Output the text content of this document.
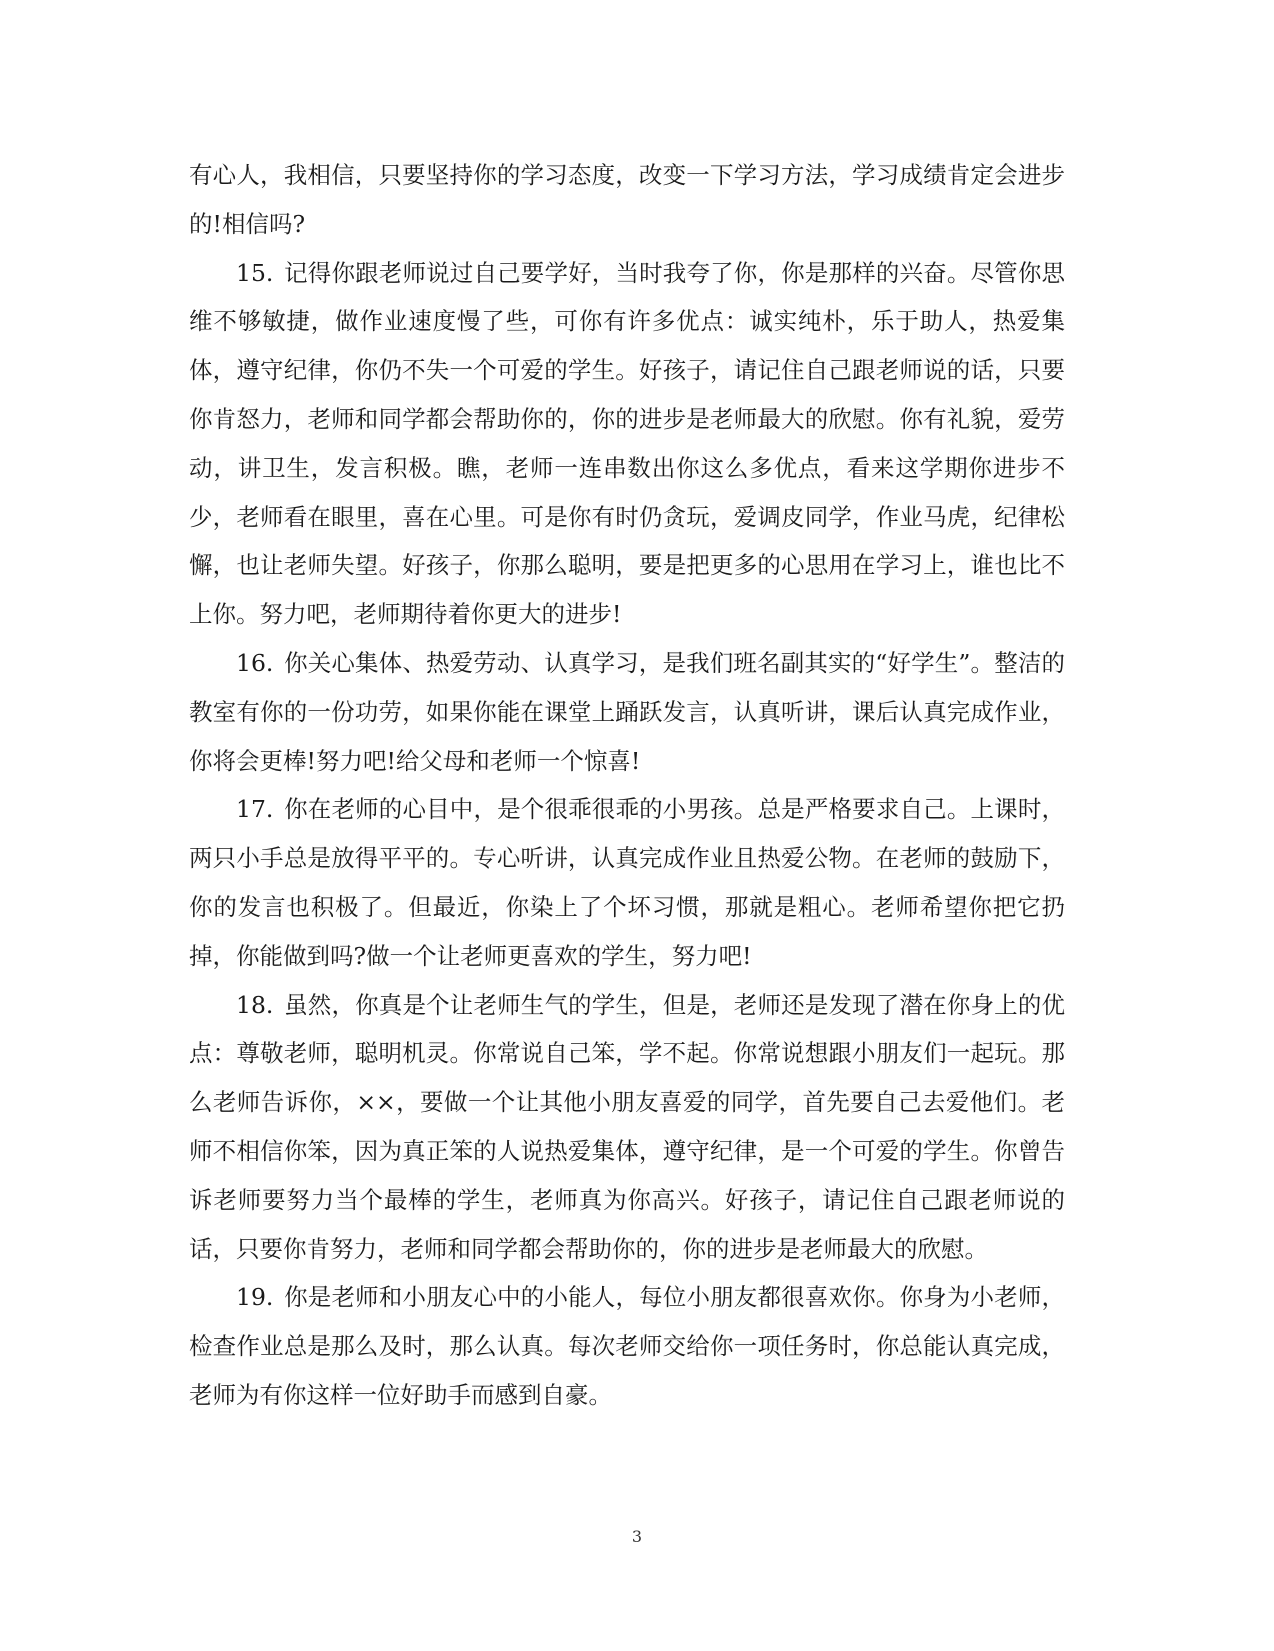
有心人，我相信，只要坚持你的学习态度，改变一下学习方法，学习成绩肯定会进步的!相信吗?

15. 记得你跟老师说过自己要学好，当时我夸了你，你是那样的兴奋。尽管你思维不够敏捷，做作业速度慢了些，可你有许多优点：诚实纯朴，乐于助人，热爱集体，遵守纪律，你仍不失一个可爱的学生。好孩子，请记住自己跟老师说的话，只要你肯怒力，老师和同学都会帮助你的，你的进步是老师最大的欣慰。你有礼貌，爱劳动，讲卫生，发言积极。瞧，老师一连串数出你这么多优点，看来这学期你进步不少，老师看在眼里，喜在心里。可是你有时仍贪玩，爱调皮同学，作业马虎，纪律松懈，也让老师失望。好孩子，你那么聪明，要是把更多的心思用在学习上，谁也比不上你。努力吧，老师期待着你更大的进步!

16. 你关心集体、热爱劳动、认真学习，是我们班名副其实的“好学生”。整洁的教室有你的一份功劳，如果你能在课堂上踊跃发言，认真听讲，课后认真完成作业，你将会更棒!努力吧!给父母和老师一个惊喜!

17. 你在老师的心目中，是个很乖很乖的小男孩。总是严格要求自己。上课时，两只小手总是放得平平的。专心听讲，认真完成作业且热爱公物。在老师的鼓励下，你的发言也积极了。但最近，你染上了个坏习惯，那就是粗心。老师希望你把它扔掉，你能做到吗?做一个让老师更喜欢的学生，努力吧!

18. 虽然，你真是个让老师生气的学生，但是，老师还是发现了潜在你身上的优点：尊敬老师，聪明机灵。你常说自己笨，学不起。你常说想跟小朋友们一起玩。那么老师告诉你，××，要做一个让其他小朋友喜爱的同学，首先要自己去爱他们。老师不相信你笨，因为真正笨的人说热爱集体，遵守纪律，是一个可爱的学生。你曾告诉老师要努力当个最棒的学生，老师真为你高兴。好孩子，请记住自己跟老师说的话，只要你肯努力，老师和同学都会帮助你的，你的进步是老师最大的欣慰。

19. 你是老师和小朋友心中的小能人，每位小朋友都很喜欢你。你身为小老师，检查作业总是那么及时，那么认真。每次老师交给你一项任务时，你总能认真完成，老师为有你这样一位好助手而感到自豪。

3
